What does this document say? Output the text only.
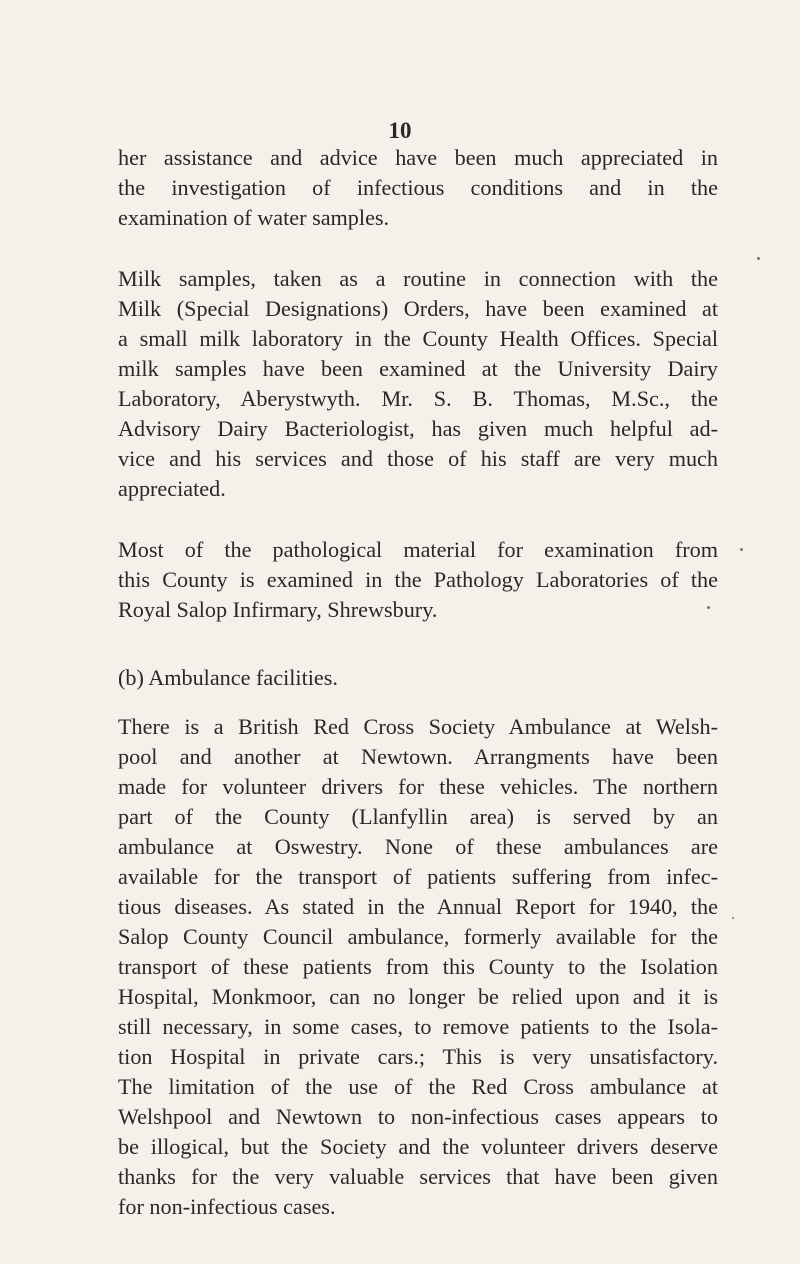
10
her assistance and advice have been much appreciated in
the investigation of infectious conditions and in the
examination of water samples.
Milk samples, taken as a routine in connection with the
Milk (Special Designations) Orders, have been examined at
a small milk laboratory in the County Health Offices. Special
milk samples have been examined at the University Dairy
Laboratory, Aberystwyth. Mr. S. B. Thomas, M.Sc., the
Advisory Dairy Bacteriologist, has given much helpful ad-
vice and his services and those of his staff are very much
appreciated.
Most of the pathological material for examination from
this County is examined in the Pathology Laboratories of the
Royal Salop Infirmary, Shrewsbury.
(b) Ambulance facilities.
There is a British Red Cross Society Ambulance at Welsh-
pool and another at Newtown. Arrangments have been
made for volunteer drivers for these vehicles. The northern
part of the County (Llanfyllin area) is served by an
ambulance at Oswestry. None of these ambulances are
available for the transport of patients suffering from infec-
tious diseases. As stated in the Annual Report for 1940, the
Salop County Council ambulance, formerly available for the
transport of these patients from this County to the Isolation
Hospital, Monkmoor, can no longer be relied upon and it is
still necessary, in some cases, to remove patients to the Isola-
tion Hospital in private cars.; This is very unsatisfactory.
The limitation of the use of the Red Cross ambulance at
Welshpool and Newtown to non-infectious cases appears to
be illogical, but the Society and the volunteer drivers deserve
thanks for the very valuable services that have been given
for non-infectious cases.
